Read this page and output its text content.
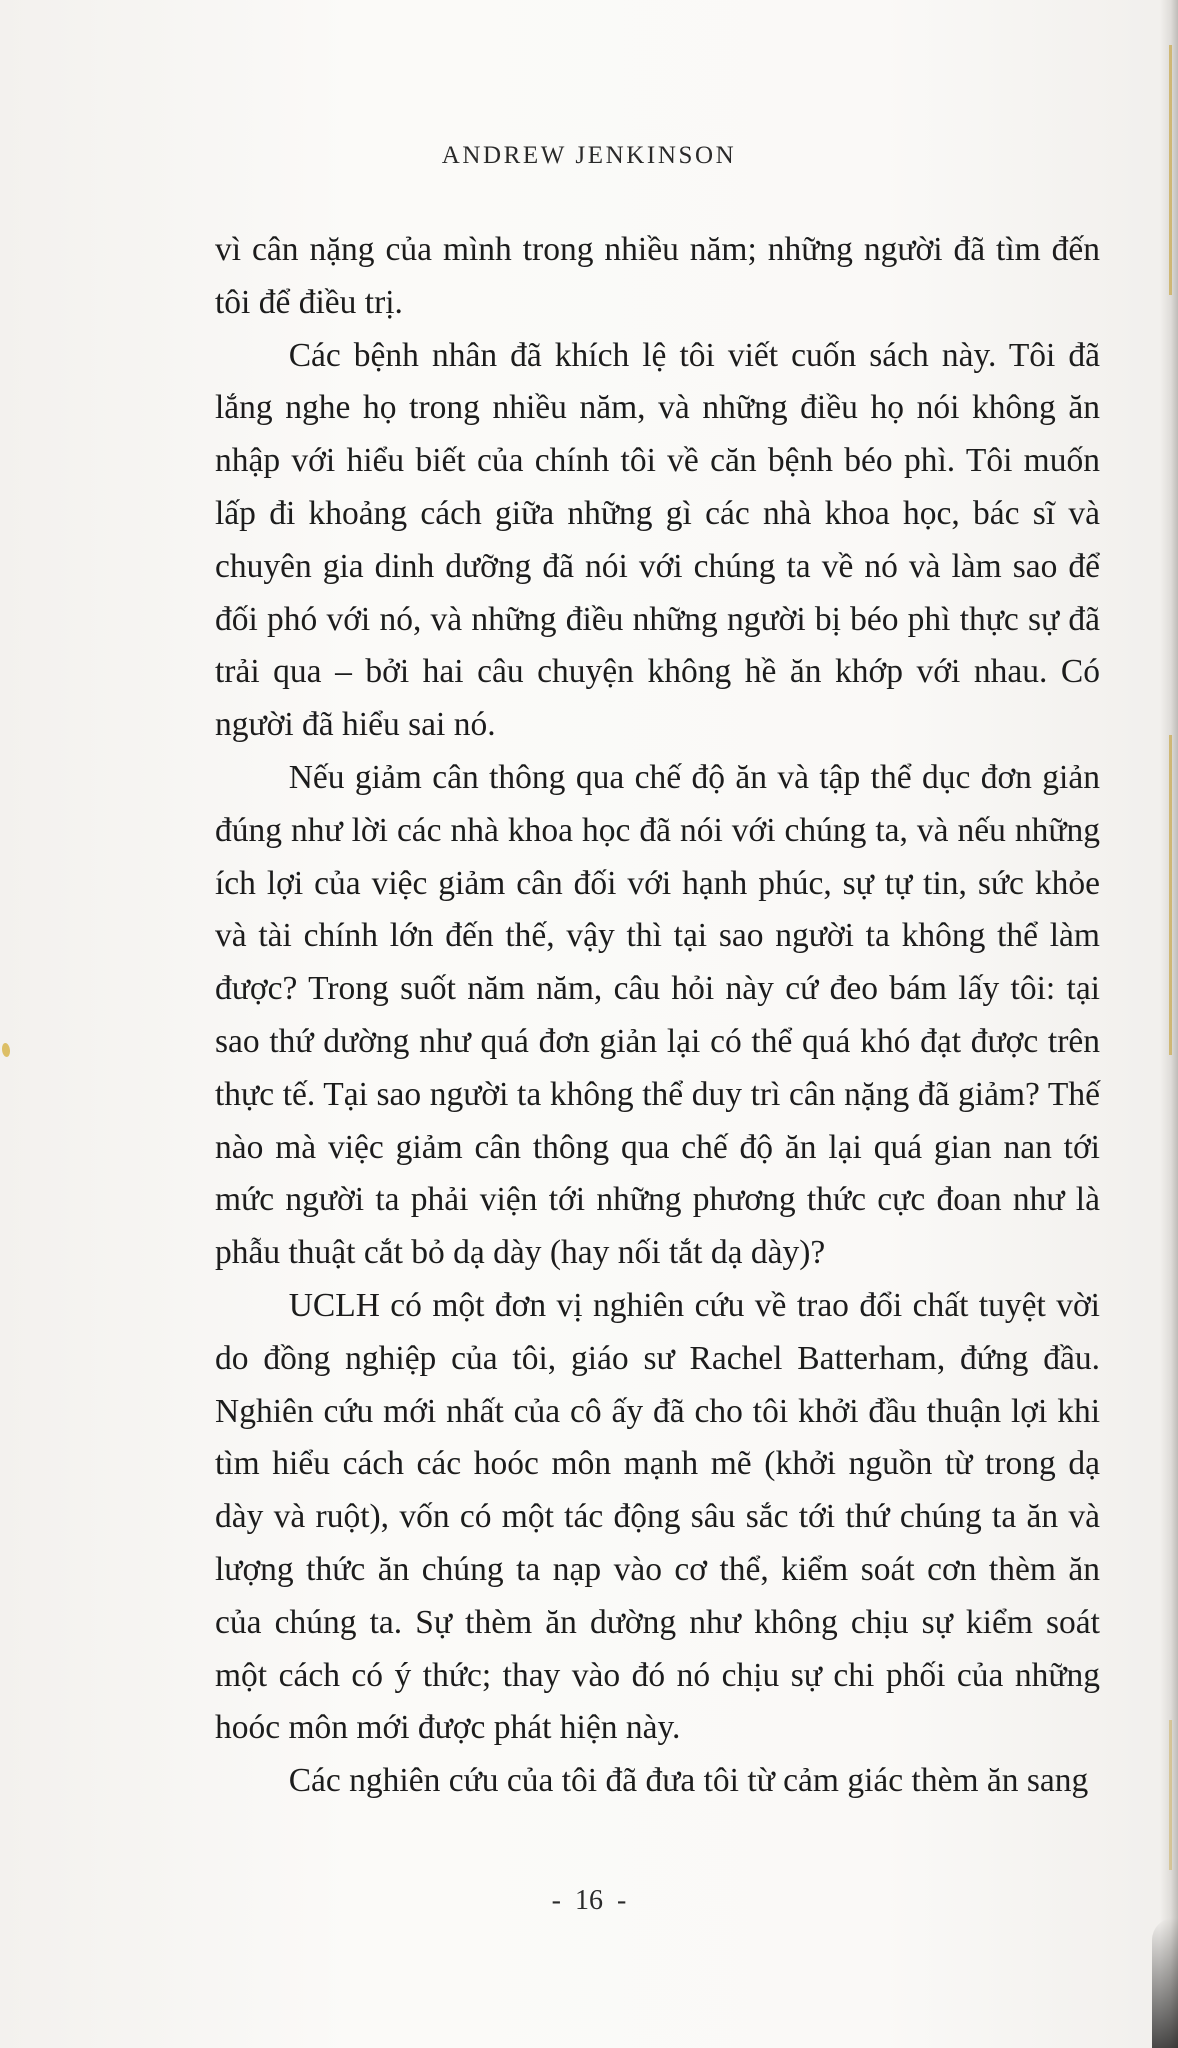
ANDREW JENKINSON

vì cân nặng của mình trong nhiều năm; những người đã tìm đến tôi để điều trị.

Các bệnh nhân đã khích lệ tôi viết cuốn sách này. Tôi đã lắng nghe họ trong nhiều năm, và những điều họ nói không ăn nhập với hiểu biết của chính tôi về căn bệnh béo phì. Tôi muốn lấp đi khoảng cách giữa những gì các nhà khoa học, bác sĩ và chuyên gia dinh dưỡng đã nói với chúng ta về nó và làm sao để đối phó với nó, và những điều những người bị béo phì thực sự đã trải qua – bởi hai câu chuyện không hề ăn khớp với nhau. Có người đã hiểu sai nó.

Nếu giảm cân thông qua chế độ ăn và tập thể dục đơn giản đúng như lời các nhà khoa học đã nói với chúng ta, và nếu những ích lợi của việc giảm cân đối với hạnh phúc, sự tự tin, sức khỏe và tài chính lớn đến thế, vậy thì tại sao người ta không thể làm được? Trong suốt năm năm, câu hỏi này cứ đeo bám lấy tôi: tại sao thứ dường như quá đơn giản lại có thể quá khó đạt được trên thực tế. Tại sao người ta không thể duy trì cân nặng đã giảm? Thế nào mà việc giảm cân thông qua chế độ ăn lại quá gian nan tới mức người ta phải viện tới những phương thức cực đoan như là phẫu thuật cắt bỏ dạ dày (hay nối tắt dạ dày)?

UCLH có một đơn vị nghiên cứu về trao đổi chất tuyệt vời do đồng nghiệp của tôi, giáo sư Rachel Batterham, đứng đầu. Nghiên cứu mới nhất của cô ấy đã cho tôi khởi đầu thuận lợi khi tìm hiểu cách các hoóc môn mạnh mẽ (khởi nguồn từ trong dạ dày và ruột), vốn có một tác động sâu sắc tới thứ chúng ta ăn và lượng thức ăn chúng ta nạp vào cơ thể, kiểm soát cơn thèm ăn của chúng ta. Sự thèm ăn dường như không chịu sự kiểm soát một cách có ý thức; thay vào đó nó chịu sự chi phối của những hoóc môn mới được phát hiện này.

Các nghiên cứu của tôi đã đưa tôi từ cảm giác thèm ăn sang

- 16 -
